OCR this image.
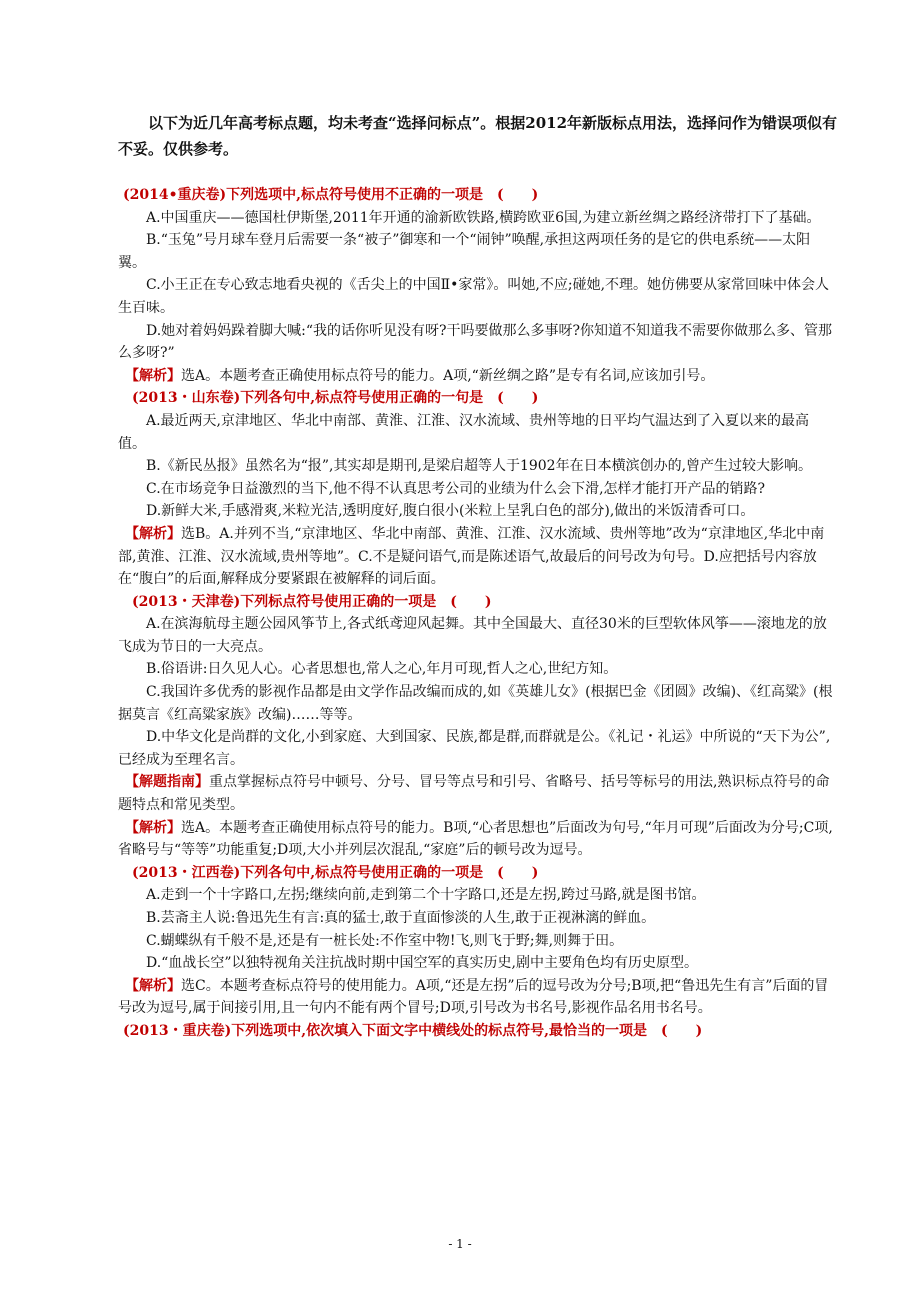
以下为近几年高考标点题，均未考查“选择问标点”。根据2012年新版标点用法，选择问作为错误项似有不妥。仅供参考。

(2014•重庆卷)下列选项中,标点符号使用不正确的一项是　(　　)

A.中国重庆——德国杜伊斯堡,2011年开通的渝新欧铁路,横跨欧亚6国,为建立新丝绸之路经济带打下了基础。

B.“玉兔”号月球车登月后需要一条“被子”御寒和一个“闹钟”唤醒,承担这两项任务的是它的供电系统——太阳翼。

C.小王正在专心致志地看央视的《舌尖上的中国Ⅱ•家常》。叫她,不应;碰她,不理。她仿佛要从家常回味中体会人生百味。

D.她对着妈妈跺着脚大喊:“我的话你听见没有呀?干吗要做那么多事呀?你知道不知道我不需要你做那么多、管那么多呀?”

【解析】选A。本题考查正确使用标点符号的能力。A项,“新丝绸之路”是专有名词,应该加引号。

(2013・山东卷)下列各句中,标点符号使用正确的一句是　(　　)

A.最近两天,京津地区、华北中南部、黄淮、江淮、汉水流域、贵州等地的日平均气温达到了入夏以来的最高值。

B.《新民丛报》虽然名为“报”,其实却是期刊,是梁启超等人于1902年在日本横滨创办的,曾产生过较大影响。

C.在市场竞争日益激烈的当下,他不得不认真思考公司的业绩为什么会下滑,怎样才能打开产品的销路?

D.新鲜大米,手感滑爽,米粒光洁,透明度好,腹白很小(米粒上呈乳白色的部分),做出的米饭清香可口。

【解析】选B。A.并列不当,“京津地区、华北中南部、黄淮、江淮、汉水流域、贵州等地”改为“京津地区,华北中南部,黄淮、江淮、汉水流域,贵州等地”。C.不是疑问语气,而是陈述语气,故最后的问号改为句号。D.应把括号内容放在“腹白”的后面,解释成分要紧跟在被解释的词后面。

(2013・天津卷)下列标点符号使用正确的一项是　(　　)

A.在滨海航母主题公园风筝节上,各式纸鸢迎风起舞。其中全国最大、直径30米的巨型软体风筝——滚地龙的放飞成为节日的一大亮点。

B.俗语讲:日久见人心。心者思想也,常人之心,年月可现,哲人之心,世纪方知。

C.我国许多优秀的影视作品都是由文学作品改编而成的,如《英雄儿女》(根据巴金《团圆》改编)、《红高粱》(根据莫言《红高粱家族》改编)……等等。

D.中华文化是尚群的文化,小到家庭、大到国家、民族,都是群,而群就是公。《礼记・礼运》中所说的“天下为公”,已经成为至理名言。

【解题指南】重点掌握标点符号中顿号、分号、冒号等点号和引号、省略号、括号等标号的用法,熟识标点符号的命题特点和常见类型。

【解析】选A。本题考查正确使用标点符号的能力。B项,“心者思想也”后面改为句号,“年月可现”后面改为分号;C项,省略号与“等等”功能重复;D项,大小并列层次混乱,“家庭”后的顿号改为逗号。

(2013・江西卷)下列各句中,标点符号使用正确的一项是　(　　)

A.走到一个十字路口,左拐;继续向前,走到第二个十字路口,还是左拐,跨过马路,就是图书馆。

B.芸斋主人说:鲁迅先生有言:真的猛士,敢于直面惨淡的人生,敢于正视淋漓的鲜血。

C.蝴蝶纵有千般不是,还是有一桩长处:不作室中物!飞,则飞于野;舞,则舞于田。

D.“血战长空”以独特视角关注抗战时期中国空军的真实历史,剧中主要角色均有历史原型。

【解析】选C。本题考查标点符号的使用能力。A项,“还是左拐”后的逗号改为分号;B项,把“鲁迅先生有言”后面的冒号改为逗号,属于间接引用,且一句内不能有两个冒号;D项,引号改为书名号,影视作品名用书名号。

(2013・重庆卷)下列选项中,依次填入下面文字中横线处的标点符号,最恰当的一项是　(　　)

- 1 -
